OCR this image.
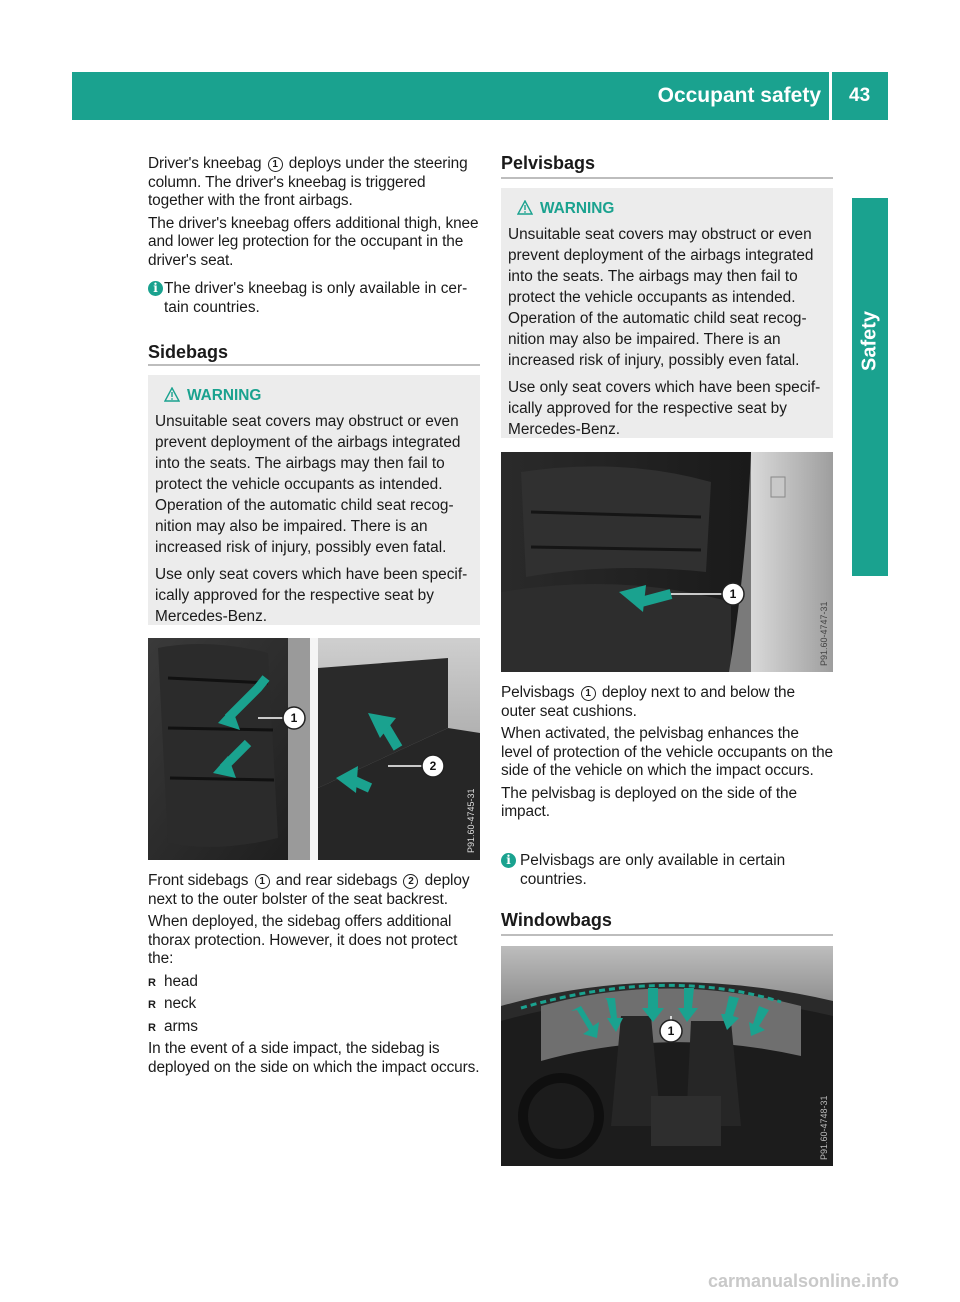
Occupant safety 43
Safety

Driver's kneebag 1 deploys under the steering column. The driver's kneebag is triggered together with the front airbags.

The driver's kneebag offers additional thigh, knee and lower leg protection for the occupant in the driver's seat.

i The driver's kneebag is only available in cer-tain countries.
Sidebags
WARNING

Unsuitable seat covers may obstruct or even prevent deployment of the airbags integrated into the seats. The airbags may then fail to protect the vehicle occupants as intended. Operation of the automatic child seat recog-nition may also be impaired. There is an increased risk of injury, possibly even fatal.

Use only seat covers which have been specif-ically approved for the respective seat by Mercedes-Benz.

1
2
P91.60-4745-31

Front sidebags 1 and rear sidebags 2 deploy next to the outer bolster of the seat backrest.

When deployed, the sidebag offers additional thorax protection. However, it does not protect the:

R head

R neck

R arms

In the event of a side impact, the sidebag is deployed on the side on which the impact occurs.

Pelvisbags
WARNING

Unsuitable seat covers may obstruct or even prevent deployment of the airbags integrated into the seats. The airbags may then fail to protect the vehicle occupants as intended. Operation of the automatic child seat recog-nition may also be impaired. There is an increased risk of injury, possibly even fatal.

Use only seat covers which have been specif-ically approved for the respective seat by Mercedes-Benz.

1
P91.60-4747-31

Pelvisbags 1 deploy next to and below the outer seat cushions.

When activated, the pelvisbag enhances the level of protection of the vehicle occupants on the side of the vehicle on which the impact occurs.

The pelvisbag is deployed on the side of the impact.

i Pelvisbags are only available in certain countries.
Windowbags
1
P91.60-4748-31
carmanualsonline.info
